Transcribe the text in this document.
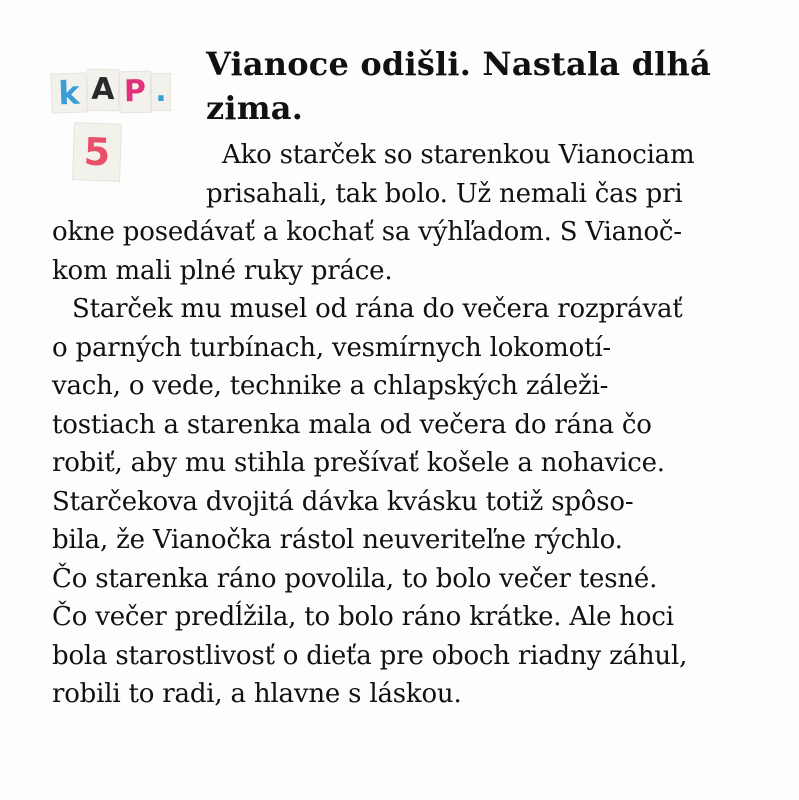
k A P .
5
Vianoce odišli. Nastala dlhá zima.
Ako starček so starenkou Vianociam
prisahali, tak bolo. Už nemali čas pri
okne posedávať a kochať sa výhľadom. S Vianoč-
kom mali plné ruky práce.
Starček mu musel od rána do večera rozprávať
o parných turbínach, vesmírnych lokomotí-
vach, o vede, technike a chlapských záleži-
tostiach a starenka mala od večera do rána čo
robiť, aby mu stihla prešívať košele a nohavice.
Starčekova dvojitá dávka kvásku totiž spôso-
bila, že Vianočka rástol neuveriteľne rýchlo.
Čo starenka ráno povolila, to bolo večer tesné.
Čo večer predĺžila, to bolo ráno krátke. Ale hoci
bola starostlivosť o dieťa pre oboch riadny záhul,
robili to radi, a hlavne s láskou.
